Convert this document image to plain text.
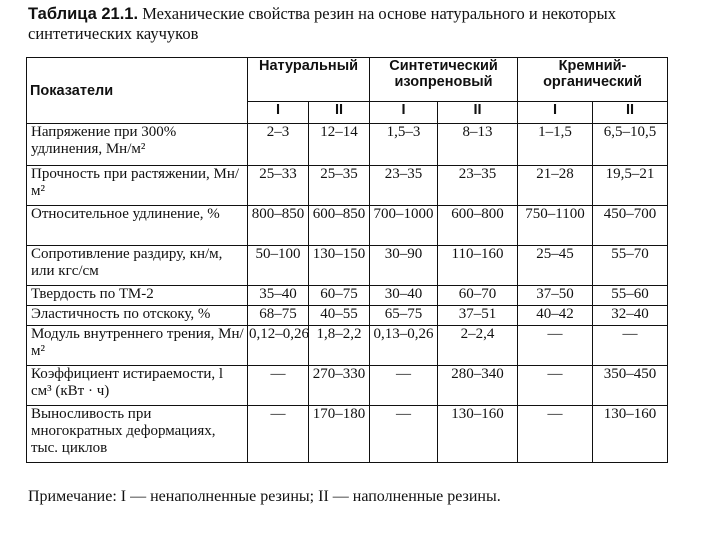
Таблица 21.1. Механические свойства резин на основе натурального и некоторых синтетических каучуков
Показатели	Натуральный		Синтетический изопреновый		Кремний-органический	
	I	II	I	II	I	II
Напряжение при 300% удлинения, Мн/м²	2–3	12–14	1,5–3	8–13	1–1,5	6,5–10,5
Прочность при растяжении, Мн/м²	25–33	25–35	23–35	23–35	21–28	19,5–21
Относительное удлинение, %	800–850	600–850	700–1000	600–800	750–1100	450–700
Сопротивление раздиру, кн/м, или кгс/см	50–100	130–150	30–90	110–160	25–45	55–70
Твердость по ТМ-2	35–40	60–75	30–40	60–70	37–50	55–60
Эластичность по отскоку, %	68–75	40–55	65–75	37–51	40–42	32–40
Модуль внутреннего трения, Мн/м²	0,12–0,26	1,8–2,2	0,13–0,26	2–2,4	—	—
Коэффициент истираемости, l см³ (кВт · ч)	—	270–330	—	280–340	—	350–450
Выносливость при многократных деформациях, тыс. циклов	—	170–180	—	130–160	—	130–160
Примечание: I — ненаполненные резины; II — наполненные резины.
